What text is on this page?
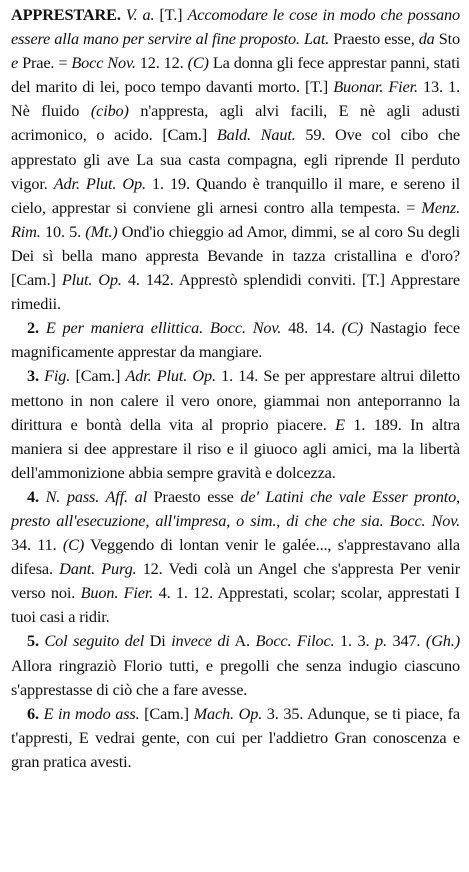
APPRESTARE. V. a. [T.] Accomodare le cose in modo che possano essere alla mano per servire al fine proposto. Lat. Praesto esse, da Sto e Prae. = Bocc Nov. 12. 12. (C) La donna gli fece apprestar panni, stati del marito di lei, poco tempo davanti morto. [T.] Buonar. Fier. 13. 1. Nè fluido (cibo) n'appresta, agli alvi facili, E nè agli adusti acrimonico, o acido. [Cam.] Bald. Naut. 59. Ove col cibo che apprestato gli ave La sua casta compagna, egli riprende Il perduto vigor. Adr. Plut. Op. 1. 19. Quando è tranquillo il mare, e sereno il cielo, apprestar si conviene gli arnesi contro alla tempesta. = Menz. Rim. 10. 5. (Mt.) Ond'io chieggio ad Amor, dimmi, se al coro Su degli Dei sì bella mano appresta Bevande in tazza cristallina e d'oro? [Cam.] Plut. Op. 4. 142. Apprestò splendidi conviti. [T.] Apprestare rimedii.

2. E per maniera ellittica. Bocc. Nov. 48. 14. (C) Nastagio fece magnificamente apprestar da mangiare.

3. Fig. [Cam.] Adr. Plut. Op. 1. 14. Se per apprestare altrui diletto mettono in non calere il vero onore, giammai non anteporranno la dirittura e bontà della vita al proprio piacere. E 1. 189. In altra maniera si dee apprestare il riso e il giuoco agli amici, ma la libertà dell'ammonizione abbia sempre gravità e dolcezza.

4. N. pass. Aff. al Praesto esse de' Latini che vale Esser pronto, presto all'esecuzione, all'impresa, o sim., di che che sia. Bocc. Nov. 34. 11. (C) Veggendo di lontan venir le galée..., s'apprestavano alla difesa. Dant. Purg. 12. Vedi colà un Angel che s'appresta Per venir verso noi. Buon. Fier. 4. 1. 12. Apprestati, scolar; scolar, apprestati I tuoi casi a ridir.

5. Col seguito del Di invece di A. Bocc. Filoc. 1. 3. p. 347. (Gh.) Allora ringraziò Florio tutti, e pregolli che senza indugio ciascuno s'apprestasse di ciò che a fare avesse.

6. E in modo ass. [Cam.] Mach. Op. 3. 35. Adunque, se ti piace, fa t'appresti, E vedrai gente, con cui per l'addietro Gran conoscenza e gran pratica avesti.
